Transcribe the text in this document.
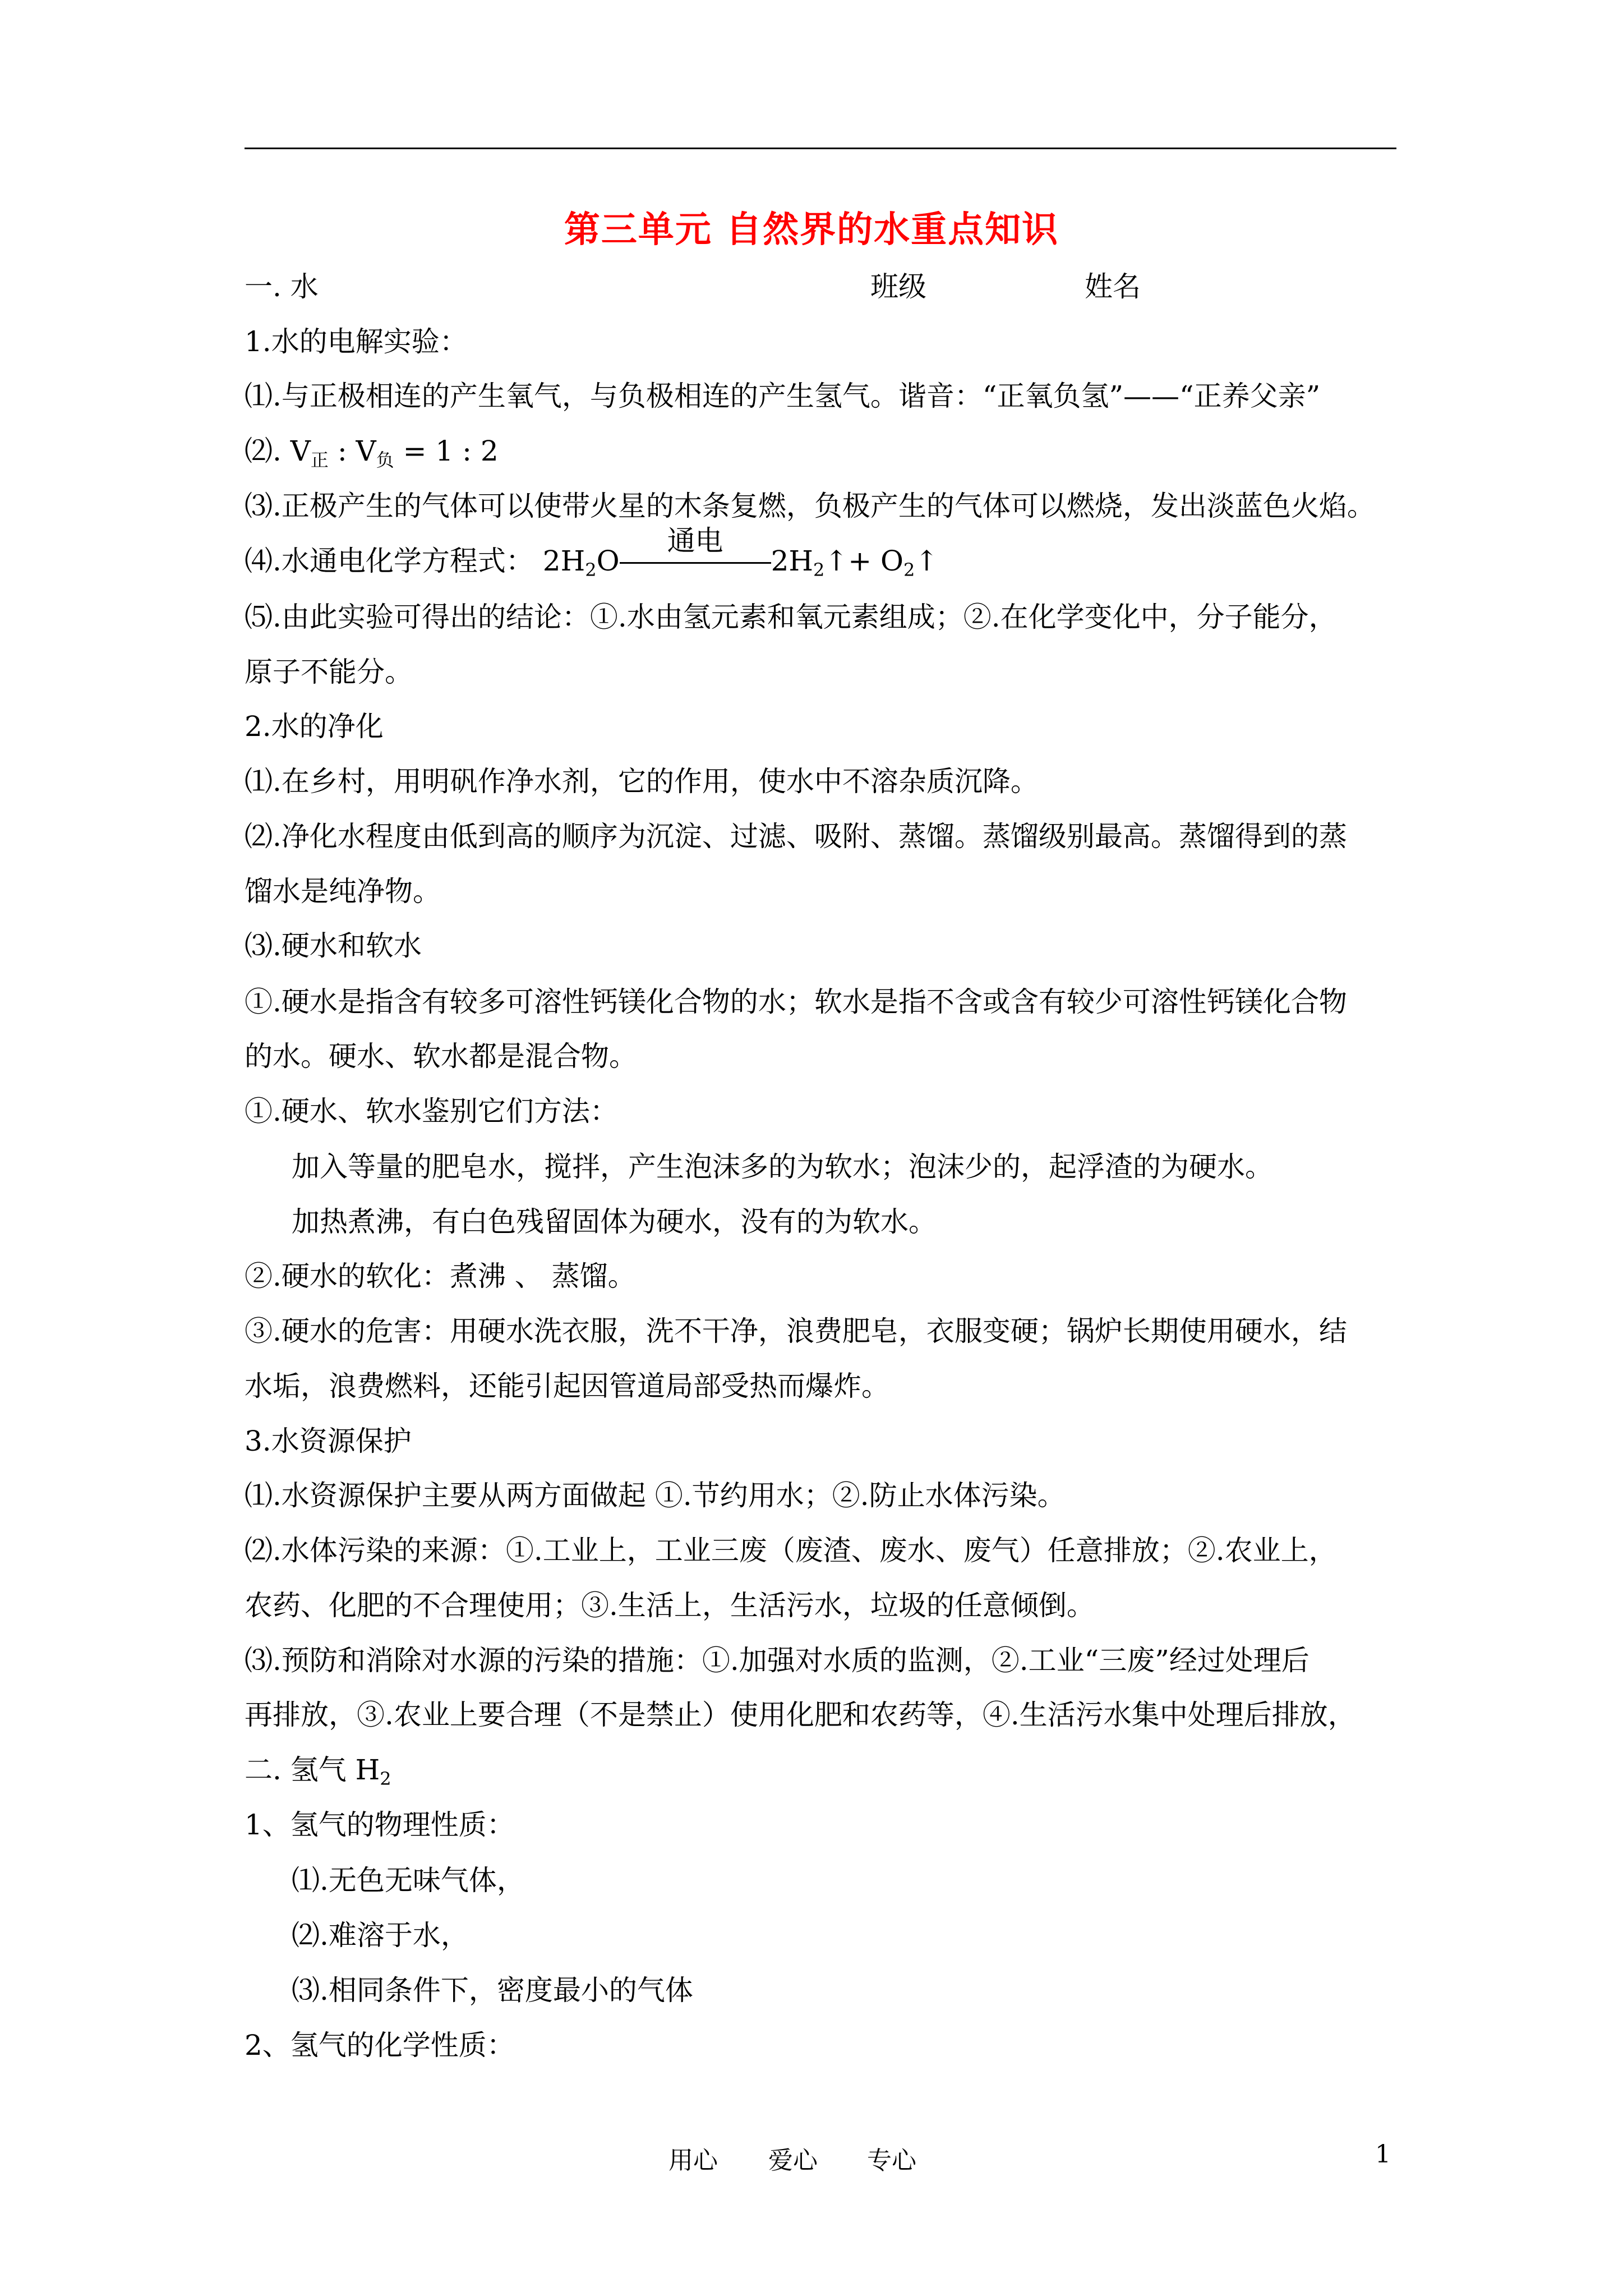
第三单元 自然界的水重点知识
一. 水	班级	姓名
1.水的电解实验：
⑴.与正极相连的产生氧气，与负极相连的产生氢气。谐音：“正氧负氢”——“正养父亲”
⑵. $V_正$ : $V_负 = 1$ : 2
⑶.正极产生的气体可以使带火星的木条复燃，负极产生的气体可以燃烧，发出淡蓝色火焰。
⑷.水通电化学方程式： $2H_2O$
通电
$2H_2↑+$ $O_2↑$
⑸.由此实验可得出的结论：①.水由氢元素和氧元素组成；②.在化学变化中，分子能分，
原子不能分。
2.水的净化
⑴.在乡村，用明矾作净水剂，它的作用，使水中不溶杂质沉降。
⑵.净化水程度由低到高的顺序为沉淀、过滤、吸附、蒸馏。蒸馏级别最高。蒸馏得到的蒸
馏水是纯净物。
⑶.硬水和软水
①.硬水是指含有较多可溶性钙镁化合物的水；软水是指不含或含有较少可溶性钙镁化合物
的水。硬水、软水都是混合物。
①.硬水、软水鉴别它们方法：
加入等量的肥皂水，搅拌，产生泡沫多的为软水；泡沫少的，起浮渣的为硬水。
加热煮沸，有白色残留固体为硬水，没有的为软水。
②.硬水的软化：煮沸 、 蒸馏。
③.硬水的危害：用硬水洗衣服，洗不干净，浪费肥皂，衣服变硬；锅炉长期使用硬水，结
水垢，浪费燃料，还能引起因管道局部受热而爆炸。
3.水资源保护
⑴.水资源保护主要从两方面做起 ①.节约用水；②.防止水体污染。
⑵.水体污染的来源：①.工业上，工业三废（废渣、废水、废气）任意排放；②.农业上，
农药、化肥的不合理使用；③.生活上，生活污水，垃圾的任意倾倒。
⑶.预防和消除对水源的污染的措施：①.加强对水质的监测，②.工业“三废”经过处理后
再排放，③.农业上要合理（不是禁止）使用化肥和农药等，④.生活污水集中处理后排放，
二. 氢气 $H_2$
1、氢气的物理性质：
⑴.无色无味气体，
⑵.难溶于水，
⑶.相同条件下，密度最小的气体
2、氢气的化学性质：
用心 爱心 专心	1
